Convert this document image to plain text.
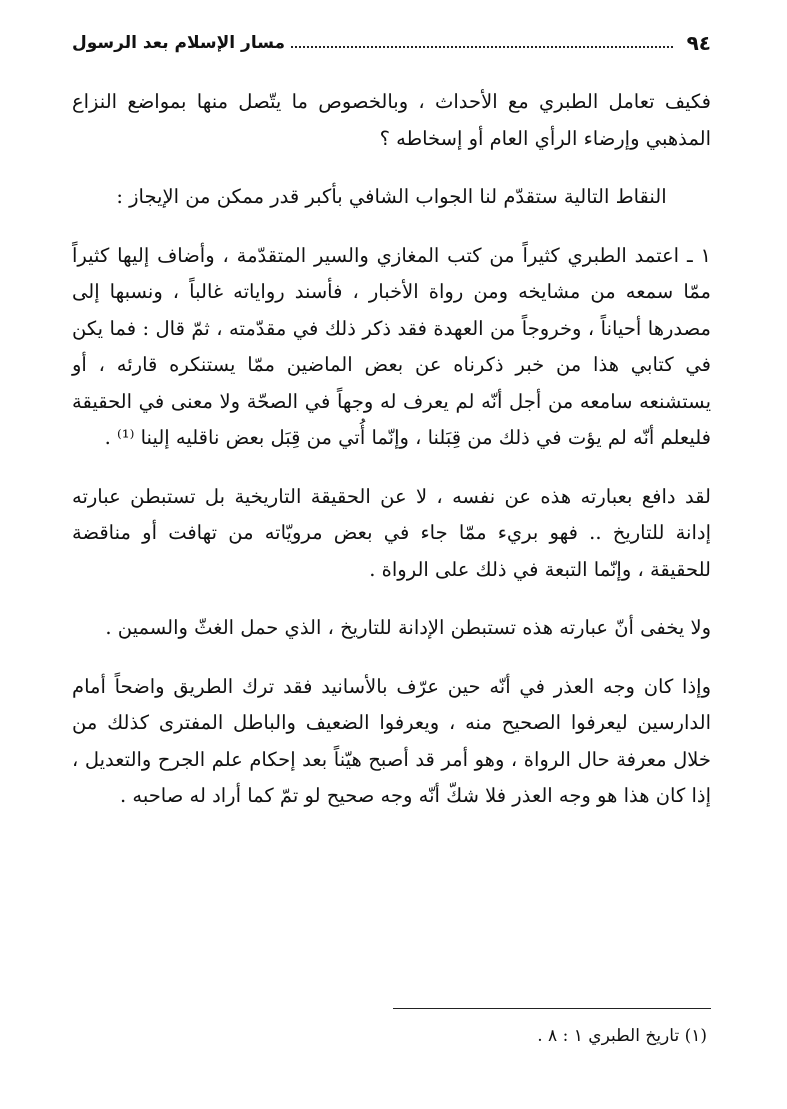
٩٤
مسار الإسلام بعد الرسول

فكيف تعامل الطبري مع الأحداث ، وبالخصوص ما يتّصل منها بمواضع النزاع المذهبي وإرضاء الرأي العام أو إسخاطه ؟

النقاط التالية ستقدّم لنا الجواب الشافي بأكبر قدر ممكن من الإيجاز :

١ ـ اعتمد الطبري كثيراً من كتب المغازي والسير المتقدّمة ، وأضاف إليها كثيراً ممّا سمعه من مشايخه ومن رواة الأخبار ، فأسند رواياته غالباً ، ونسبها إلى مصدرها أحياناً ، وخروجاً من العهدة فقد ذكر ذلك في مقدّمته ، ثمّ قال : فما يكن في كتابي هذا من خبر ذكرناه عن بعض الماضين ممّا يستنكره قارئه ، أو يستشنعه سامعه من أجل أنّه لم يعرف له وجهاً في الصحّة ولا معنى في الحقيقة فليعلم أنّه لم يؤت في ذلك من قِبَلنا ، وإنّما أُتي من قِبَل بعض ناقليه إلينا ⁽¹⁾ .

لقد دافع بعبارته هذه عن نفسه ، لا عن الحقيقة التاريخية بل تستبطن عبارته إدانة للتاريخ .. فهو بريء ممّا جاء في بعض مرويّاته من تهافت أو مناقضة للحقيقة ، وإنّما التبعة في ذلك على الرواة .

ولا يخفى أنّ عبارته هذه تستبطن الإدانة للتاريخ ، الذي حمل الغثّ والسمين .

وإذا كان وجه العذر في أنّه حين عرّف بالأسانيد فقد ترك الطريق واضحاً أمام الدارسين ليعرفوا الصحيح منه ، ويعرفوا الضعيف والباطل المفترى كذلك من خلال معرفة حال الرواة ، وهو أمر قد أصبح هيّناً بعد إحكام علم الجرح والتعديل ، إذا كان هذا هو وجه العذر فلا شكّ أنّه وجه صحيح لو تمّ كما أراد له صاحبه .

(١) تاريخ الطبري ١ : ٨ .
